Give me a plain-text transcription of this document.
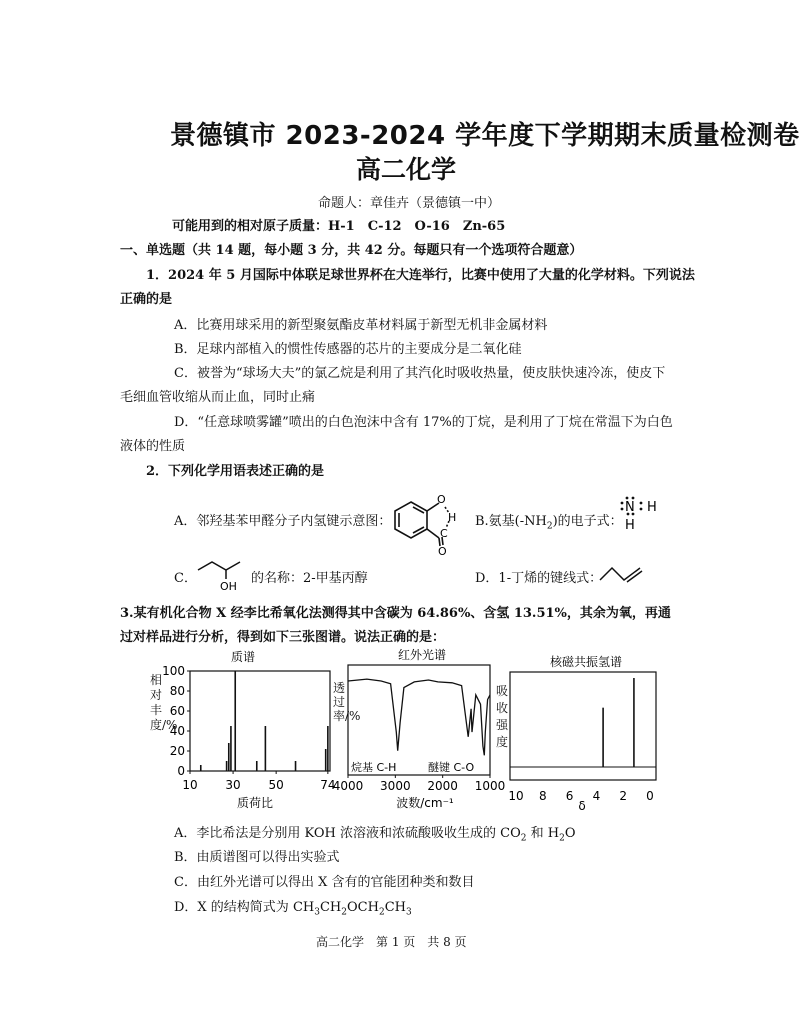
景德镇市 2023-2024 学年度下学期期末质量检测卷
高二化学
命题人：章佳卉（景德镇一中）
可能用到的相对原子质量：H-1　C-12　O-16　Zn-65
一、单选题（共 14 题，每小题 3 分，共 42 分。每题只有一个选项符合题意）
1．2024 年 5 月国际中体联足球世界杯在大连举行，比赛中使用了大量的化学材料。下列说法
正确的是
A．比赛用球采用的新型聚氨酯皮革材料属于新型无机非金属材料
B．足球内部植入的惯性传感器的芯片的主要成分是二氧化硅
C．被誉为“球场大夫”的氯乙烷是利用了其汽化时吸收热量，使皮肤快速冷冻，使皮下
毛细血管收缩从而止血，同时止痛
D．“任意球喷雾罐”喷出的白色泡沫中含有 17%的丁烷，是利用了丁烷在常温下为白色
液体的性质
2．下列化学用语表述正确的是
A．邻羟基苯甲醛分子内氢键示意图：
O
H
C
O
B.氨基$(-NH_2)$的电子式：
N H
H
C．
OH
的名称：2-甲基丙醇	D．1-丁烯的键线式：
3.某有机化合物 X 经李比希氧化法测得其中含碳为 64.86%、含氢 13.51%，其余为氧，再通
过对样品进行分析，得到如下三张图谱。说法正确的是：
0
20
40
60
80
100
10 30 50	74
质谱
质荷比
相对丰度/%
4000 3000 2000 1000
红外光谱
烷基 C-H	醚键 C-O
波数/cm⁻¹
透过率/%
10 8 6 4 2 0
核磁共振氢谱
δ
吸收强度
A．李比希法是分别用 KOH 浓溶液和浓硫酸吸收生成的 $CO_2$ 和 $H_2O$
B．由质谱图可以得出实验式
C．由红外光谱可以得出 X 含有的官能团种类和数目
D．X 的结构简式为 $CH_3CH_2OCH_2CH_3$
高二化学　第 1 页　共 8 页
